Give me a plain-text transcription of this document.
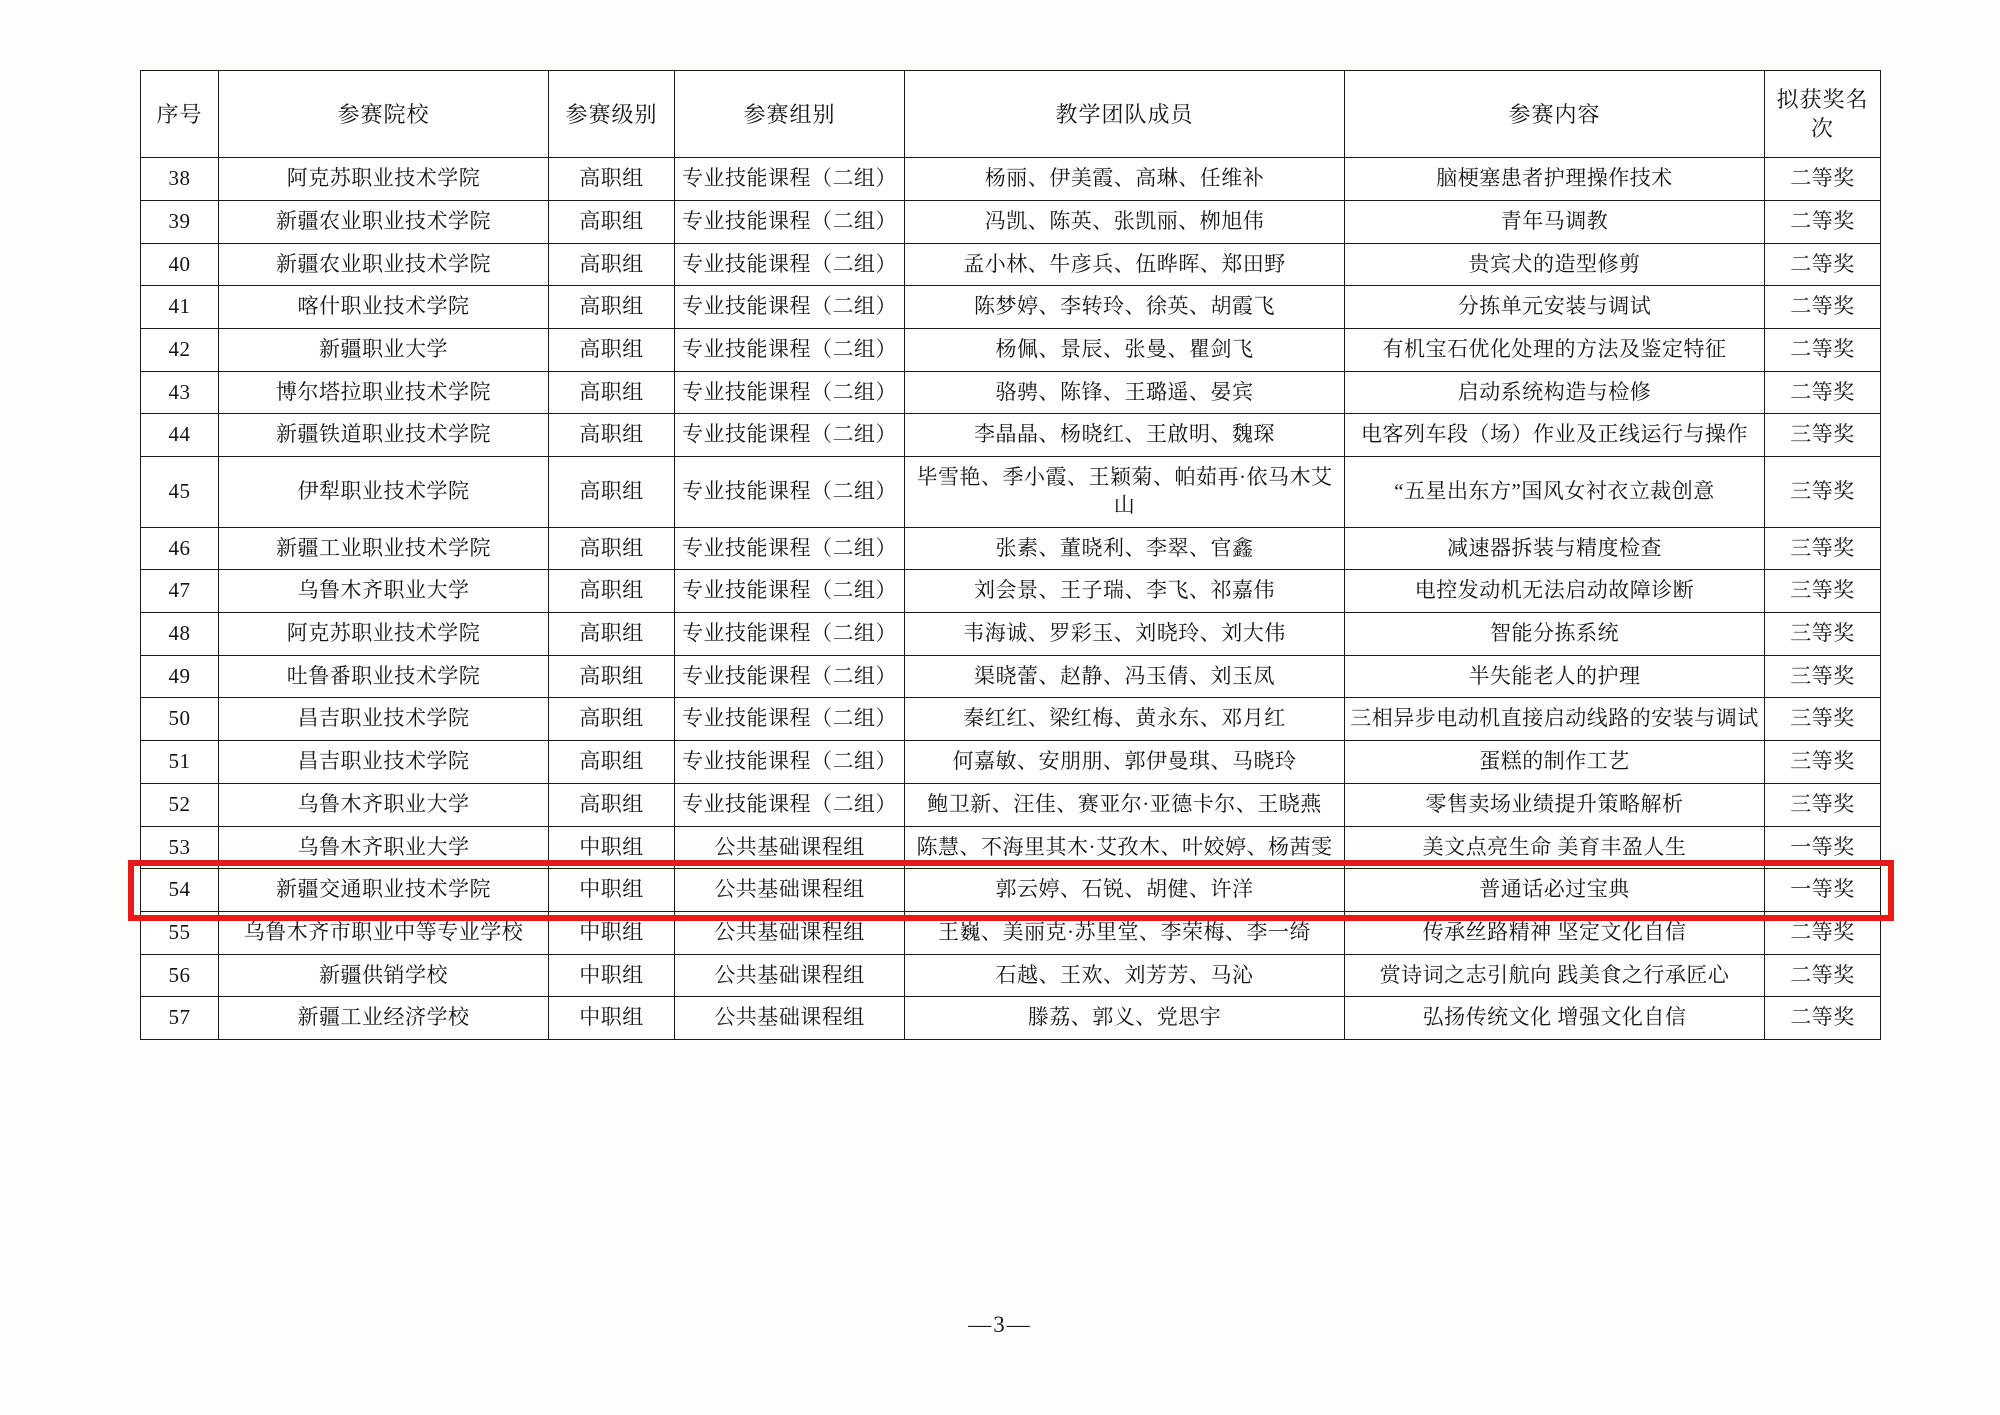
序号	参赛院校	参赛级别	参赛组别	教学团队成员	参赛内容	拟获奖名次
38	阿克苏职业技术学院	高职组	专业技能课程（二组）	杨丽、伊美霞、高琳、任维补	脑梗塞患者护理操作技术	二等奖
39	新疆农业职业技术学院	高职组	专业技能课程（二组）	冯凯、陈英、张凯丽、栁旭伟	青年马调教	二等奖
40	新疆农业职业技术学院	高职组	专业技能课程（二组）	孟小林、牛彦兵、伍晔晖、郑田野	贵宾犬的造型修剪	二等奖
41	喀什职业技术学院	高职组	专业技能课程（二组）	陈梦婷、李转玲、徐英、胡霞飞	分拣单元安装与调试	二等奖
42	新疆职业大学	高职组	专业技能课程（二组）	杨佩、景辰、张曼、瞿剑飞	有机宝石优化处理的方法及鉴定特征	二等奖
43	博尔塔拉职业技术学院	高职组	专业技能课程（二组）	骆骋、陈锋、王璐遥、晏宾	启动系统构造与检修	二等奖
44	新疆铁道职业技术学院	高职组	专业技能课程（二组）	李晶晶、杨晓红、王啟明、魏琛	电客列车段（场）作业及正线运行与操作	三等奖
45	伊犁职业技术学院	高职组	专业技能课程（二组）	毕雪艳、季小霞、王颖菊、帕茹再·依马木艾山	“五星出东方”国风女衬衣立裁创意	三等奖
46	新疆工业职业技术学院	高职组	专业技能课程（二组）	张素、董晓利、李翠、官鑫	减速器拆装与精度检查	三等奖
47	乌鲁木齐职业大学	高职组	专业技能课程（二组）	刘会景、王子瑞、李飞、祁嘉伟	电控发动机无法启动故障诊断	三等奖
48	阿克苏职业技术学院	高职组	专业技能课程（二组）	韦海诚、罗彩玉、刘晓玲、刘大伟	智能分拣系统	三等奖
49	吐鲁番职业技术学院	高职组	专业技能课程（二组）	渠晓蕾、赵静、冯玉倩、刘玉凤	半失能老人的护理	三等奖
50	昌吉职业技术学院	高职组	专业技能课程（二组）	秦红红、梁红梅、黄永东、邓月红	三相异步电动机直接启动线路的安装与调试	三等奖
51	昌吉职业技术学院	高职组	专业技能课程（二组）	何嘉敏、安朋朋、郭伊曼琪、马晓玲	蛋糕的制作工艺	三等奖
52	乌鲁木齐职业大学	高职组	专业技能课程（二组）	鲍卫新、汪佳、赛亚尔·亚德卡尔、王晓燕	零售卖场业绩提升策略解析	三等奖
53	乌鲁木齐职业大学	中职组	公共基础课程组	陈慧、不海里其木·艾孜木、叶姣婷、杨茜雯	美文点亮生命 美育丰盈人生	一等奖
54	新疆交通职业技术学院	中职组	公共基础课程组	郭云婷、石锐、胡健、许洋	普通话必过宝典	一等奖
55	乌鲁木齐市职业中等专业学校	中职组	公共基础课程组	王巍、美丽克·苏里堂、李荣梅、李一绮	传承丝路精神 坚定文化自信	二等奖
56	新疆供销学校	中职组	公共基础课程组	石越、王欢、刘芳芳、马沁	赏诗词之志引航向 践美食之行承匠心	二等奖
57	新疆工业经济学校	中职组	公共基础课程组	滕荔、郭义、党思宇	弘扬传统文化 增强文化自信	二等奖
—3—
